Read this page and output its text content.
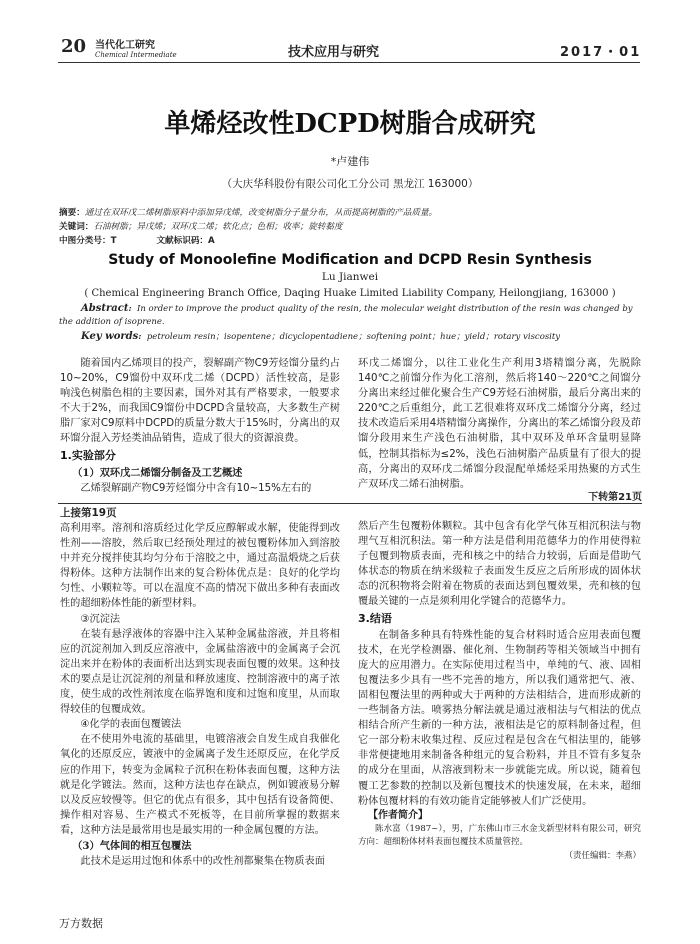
20 当代化工研究
Chemical Intermediate	技术应用与研究	2017・01
单烯烃改性DCPD树脂合成研究
*卢建伟
（大庆华科股份有限公司化工分公司 黑龙江 163000）
摘要：通过在双环戊二烯树脂原料中添加异戊烯，改变树脂分子量分布，从而提高树脂的产品质量。
关键词：石油树脂；异戊烯；双环戊二烯；软化点；色相；收率；旋转黏度
中图分类号：T	文献标识码：A
Study of Monoolefine Modification and DCPD Resin Synthesis
Lu Jianwei
( Chemical Engineering Branch Office, Daqing Huake Limited Liability Company, Heilongjiang, 163000 )
Abstract: In order to improve the product quality of the resin, the molecular weight distribution of the resin was changed by the addition of isoprene.
Key words: petroleum resin；isopentene；dicyclopentadiene；softening point；hue；yield；rotary viscosity

随着国内乙烯项目的投产，裂解副产物C9芳烃馏分量约占10~20%，C9馏份中双环戊二烯（DCPD）活性较高，是影响浅色树脂色相的主要因素，国外对其有严格要求，一般要求不大于2%，而我国C9馏份中DCPD含量较高，大多数生产树脂厂家对C9原料中DCPD的质量分数大于15%时，分离出的双环馏分混入芳烃类油品销售，造成了很大的资源浪费。

1.实验部分
（1）双环戊二烯馏分制备及工艺概述

乙烯裂解副产物C9芳烃馏分中含有10~15%左右的

环戊二烯馏分，以往工业化生产利用3塔精馏分离，先脱除140℃之前馏分作为化工溶剂，然后将140～220℃之间馏分分离出来经过催化聚合生产C9芳烃石油树脂，最后分离出来的220℃之后重组分，此工艺很难将双环戊二烯馏分分离，经过技术改造后采用4塔精馏分离操作，分离出的苯乙烯馏分段及茚馏分段用来生产浅色石油树脂，其中双环及单环含量明显降低，控制其指标为≤2%，浅色石油树脂产品质量有了很大的提高，分离出的双环戊二烯馏分段混配单烯烃采用热聚的方式生产双环戊二烯石油树脂。

下转第21页
上接第19页

高利用率。溶剂和溶质经过化学反应醇解或水解，使能得到改性剂——溶胶，然后取已经预处理过的被包覆粉体加入到溶胶中并充分搅拌使其均匀分布于溶胶之中，通过高温煅烧之后获得粉体。这种方法制作出来的复合粉体优点是：良好的化学均匀性、小颗粒等。可以在温度不高的情况下做出多种有表面改性的超细粉体性能的新型材料。

③沉淀法

在装有悬浮液体的容器中注入某种金属盐溶液，并且将相应的沉淀剂加入到反应溶液中，金属盐溶液中的金属离子会沉淀出来并在粉体的表面析出达到实现表面包覆的效果。这种技术的要点是让沉淀剂的剂量和释放速度、控制溶液中的离子浓度，使生成的改性剂浓度在临界饱和度和过饱和度里，从而取得较佳的包覆成效。

④化学的表面包覆镀法

在不使用外电流的基础里，电镀溶液会自发生成自我催化氧化的还原反应，镀液中的金属离子发生还原反应，在化学反应的作用下，转变为金属粒子沉积在粉体表面包覆，这种方法就是化学镀法。然而，这种方法也存在缺点，例如镀液易分解以及反应较慢等。但它的优点有很多，其中包括有设备简便、操作相对容易、生产模式不死板等，在目前所掌握的数据来看，这种方法是最常用也是最实用的一种金属包覆的方法。

（3）气体间的相互包覆法

此技术是运用过饱和体系中的改性剂都聚集在物质表面

然后产生包覆粉体颗粒。其中包含有化学气体互相沉积法与物理气互相沉积法。第一种方法是借利用范德华力的作用使得粒子包覆到物质表面，壳和核之中的结合力较弱，后面是借助气体状态的物质在纳米级粒子表面发生反应之后所形成的固体状态的沉积物将会附着在物质的表面达到包覆效果，壳和核的包覆最关键的一点是须利用化学键合的范德华力。

3.结语

在制备多种具有特殊性能的复合材料时适合应用表面包覆技术，在光学检测器、催化剂、生物制药等相关领域当中拥有庞大的应用潜力。在实际使用过程当中，单纯的气、液、固相包覆法多少具有一些不完善的地方，所以我们通常把气、液、固相包覆法里的两种或大于两种的方法相结合，进而形成新的一些制备方法。喷雾热分解法就是通过液相法与气相法的优点相结合所产生新的一种方法，液相法是它的原料制备过程，但它一部分粉末收集过程、反应过程是包含在气相法里的，能够非常便捷地用来制备各种组元的复合粉料，并且不管有多复杂的成分在里面，从溶液到粉末一步就能完成。所以说，随着包覆工艺参数的控制以及新包覆技术的快速发展，在未来，超细粉体包覆材料的有效功能肯定能够被人们广泛使用。

【作者简介】

陈水富（1987~），男，广东佛山市三水金戈新型材料有限公司，研究方向：超细粉体材料表面包覆技术质量管控。

（责任编辑：李燕）
万方数据
